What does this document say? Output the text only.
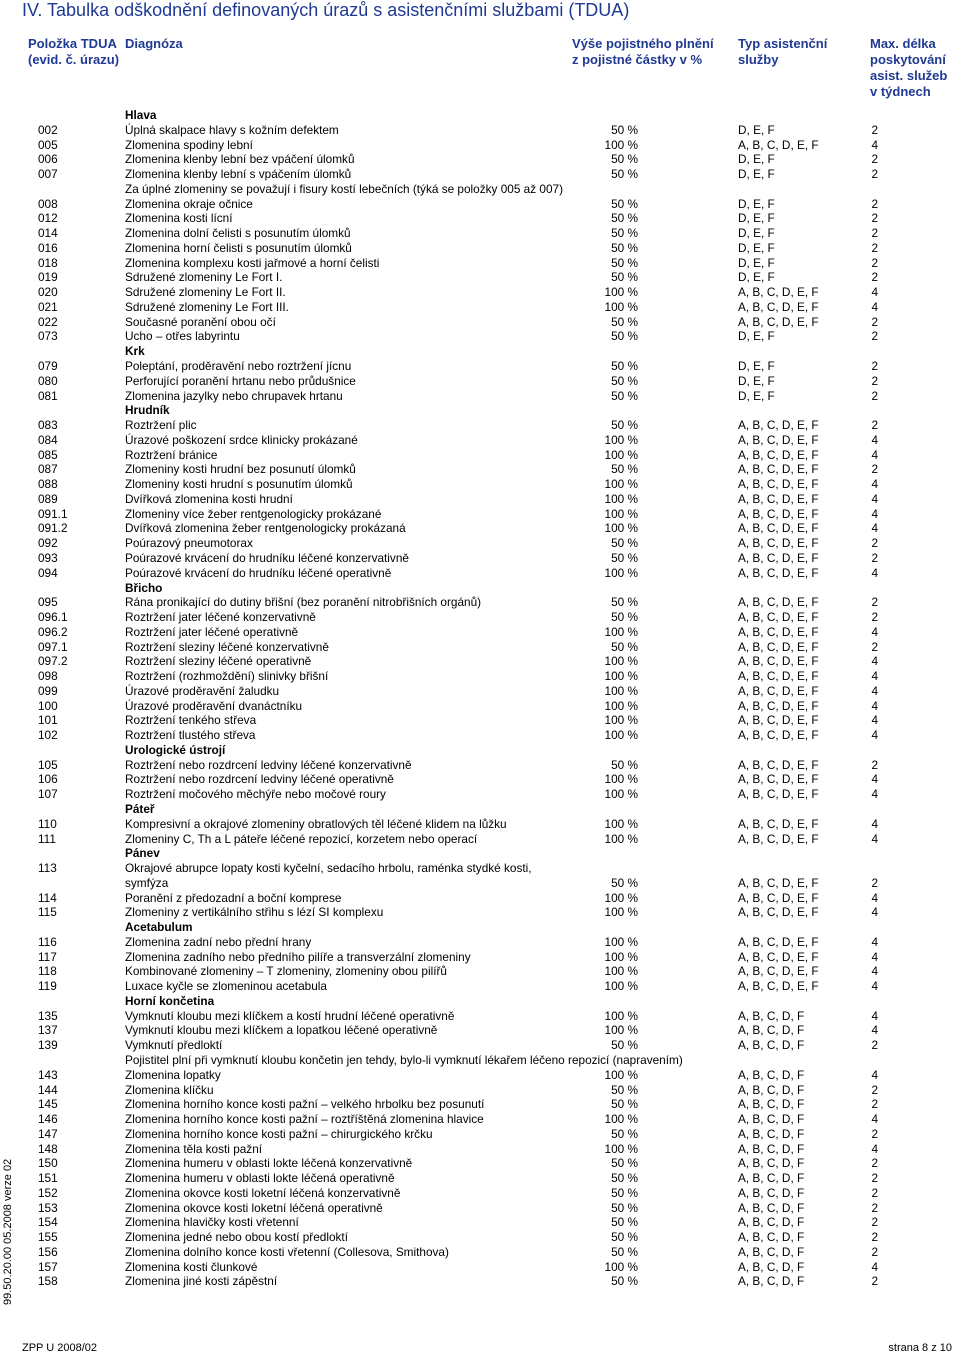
IV. Tabulka odškodnění definovaných úrazů s asistenčními službami (TDUA)
Položka TDUA
(evid. č. úrazu)
Diagnóza	Výše pojistného plnění
z pojistné částky v %
Typ asistenční
služby
Max. délka
poskytování
asist. služeb
v týdnech
Hlava
002	Úplná skalpace hlavy s kožním defektem	50 %	D, E, F	2
005	Zlomenina spodiny lební	100 %	A, B, C, D, E, F	4
006	Zlomenina klenby lební bez vpáčení úlomků	50 %	D, E, F	2
007	Zlomenina klenby lební s vpáčením úlomků	50 %	D, E, F	2
Za úplné zlomeniny se považují i fisury kostí lebečních (týká se položky 005 až 007)
008	Zlomenina okraje očnice	50 %	D, E, F	2
012	Zlomenina kosti lícní	50 %	D, E, F	2
014	Zlomenina dolní čelisti s posunutím úlomků	50 %	D, E, F	2
016	Zlomenina horní čelisti s posunutím úlomků	50 %	D, E, F	2
018	Zlomenina komplexu kosti jařmové a horní čelisti	50 %	D, E, F	2
019	Sdružené zlomeniny Le Fort I.	50 %	D, E, F	2
020	Sdružené zlomeniny Le Fort II.	100 %	A, B, C, D, E, F	4
021	Sdružené zlomeniny Le Fort III.	100 %	A, B, C, D, E, F	4
022	Současné poranění obou očí	50 %	A, B, C, D, E, F	2
073	Ucho – otřes labyrintu	50 %	D, E, F	2
Krk
079	Poleptání, proděravění nebo roztržení jícnu	50 %	D, E, F	2
080	Perforující poranění hrtanu nebo průdušnice	50 %	D, E, F	2
081	Zlomenina jazylky nebo chrupavek hrtanu	50 %	D, E, F	2
Hrudník
083	Roztržení plic	50 %	A, B, C, D, E, F	2
084	Úrazové poškození srdce klinicky prokázané	100 %	A, B, C, D, E, F	4
085	Roztržení bránice	100 %	A, B, C, D, E, F	4
087	Zlomeniny kosti hrudní bez posunutí úlomků	50 %	A, B, C, D, E, F	2
088	Zlomeniny kosti hrudní s posunutím úlomků	100 %	A, B, C, D, E, F	4
089	Dvířková zlomenina kosti hrudní	100 %	A, B, C, D, E, F	4
091.1	Zlomeniny více žeber rentgenologicky prokázané	100 %	A, B, C, D, E, F	4
091.2	Dvířková zlomenina žeber rentgenologicky prokázaná	100 %	A, B, C, D, E, F	4
092	Poúrazový pneumotorax	50 %	A, B, C, D, E, F	2
093	Poúrazové krvácení do hrudníku léčené konzervativně	50 %	A, B, C, D, E, F	2
094	Poúrazové krvácení do hrudníku léčené operativně	100 %	A, B, C, D, E, F	4
Břicho
095	Rána pronikající do dutiny břišní (bez poranění nitrobřišních orgánů)	50 %	A, B, C, D, E, F	2
096.1	Roztržení jater léčené konzervativně	50 %	A, B, C, D, E, F	2
096.2	Roztržení jater léčené operativně	100 %	A, B, C, D, E, F	4
097.1	Roztržení sleziny léčené konzervativně	50 %	A, B, C, D, E, F	2
097.2	Roztržení sleziny léčené operativně	100 %	A, B, C, D, E, F	4
098	Roztržení (rozhmoždění) slinivky břišní	100 %	A, B, C, D, E, F	4
099	Úrazové proděravění žaludku	100 %	A, B, C, D, E, F	4
100	Úrazové proděravění dvanáctníku	100 %	A, B, C, D, E, F	4
101	Roztržení tenkého střeva	100 %	A, B, C, D, E, F	4
102	Roztržení tlustého střeva	100 %	A, B, C, D, E, F	4
Urologické ústrojí
105	Roztržení nebo rozdrcení ledviny léčené konzervativně	50 %	A, B, C, D, E, F	2
106	Roztržení nebo rozdrcení ledviny léčené operativně	100 %	A, B, C, D, E, F	4
107	Roztržení močového měchýře nebo močové roury	100 %	A, B, C, D, E, F	4
Páteř
110	Kompresivní a okrajové zlomeniny obratlových těl léčené klidem na lůžku	100 %	A, B, C, D, E, F	4
111	Zlomeniny C, Th a L páteře léčené repozicí, korzetem nebo operací	100 %	A, B, C, D, E, F	4
Pánev
113	Okrajové abrupce lopaty kosti kyčelní, sedacího hrbolu, raménka stydké kosti,
symfýza	50 %	A, B, C, D, E, F	2
114	Poranění z předozadní a boční komprese	100 %	A, B, C, D, E, F	4
115	Zlomeniny z vertikálního střihu s lézí SI komplexu	100 %	A, B, C, D, E, F	4
Acetabulum
116	Zlomenina zadní nebo přední hrany	100 %	A, B, C, D, E, F	4
117	Zlomenina zadního nebo předního pilíře a transverzální zlomeniny	100 %	A, B, C, D, E, F	4
118	Kombinované zlomeniny – T zlomeniny, zlomeniny obou pilířů	100 %	A, B, C, D, E, F	4
119	Luxace kyčle se zlomeninou acetabula	100 %	A, B, C, D, E, F	4
Horní končetina
135	Vymknutí kloubu mezi klíčkem a kostí hrudní léčené operativně	100 %	A, B, C, D, F	4
137	Vymknutí kloubu mezi klíčkem a lopatkou léčené operativně	100 %	A, B, C, D, F	4
139	Vymknutí předloktí	50 %	A, B, C, D, F	2
Pojistitel plní při vymknutí kloubu končetin jen tehdy, bylo-li vymknutí lékařem léčeno repozicí (napravením)
143	Zlomenina lopatky	100 %	A, B, C, D, F	4
144	Zlomenina klíčku	50 %	A, B, C, D, F	2
145	Zlomenina horního konce kosti pažní – velkého hrbolku bez posunutí	50 %	A, B, C, D, F	2
146	Zlomenina horního konce kosti pažní – roztříštěná zlomenina hlavice	100 %	A, B, C, D, F	4
147	Zlomenina horního konce kosti pažní – chirurgického krčku	50 %	A, B, C, D, F	2
148	Zlomenina těla kosti pažní	100 %	A, B, C, D, F	4
150	Zlomenina humeru v oblasti lokte léčená konzervativně	50 %	A, B, C, D, F	2
151	Zlomenina humeru v oblasti lokte léčená operativně	50 %	A, B, C, D, F	2
152	Zlomenina okovce kosti loketní léčená konzervativně	50 %	A, B, C, D, F	2
153	Zlomenina okovce kosti loketní léčená operativně	50 %	A, B, C, D, F	2
154	Zlomenina hlavičky kosti vřetenní	50 %	A, B, C, D, F	2
155	Zlomenina jedné nebo obou kostí předloktí	50 %	A, B, C, D, F	2
156	Zlomenina dolního konce kosti vřetenní (Collesova, Smithova)	50 %	A, B, C, D, F	2
157	Zlomenina kosti člunkové	100 %	A, B, C, D, F	4
158	Zlomenina jiné kosti zápěstní	50 %	A, B, C, D, F	2
99.50.20.00 05.2008 verze 02
ZPP U 2008/02	strana 8 z 10
